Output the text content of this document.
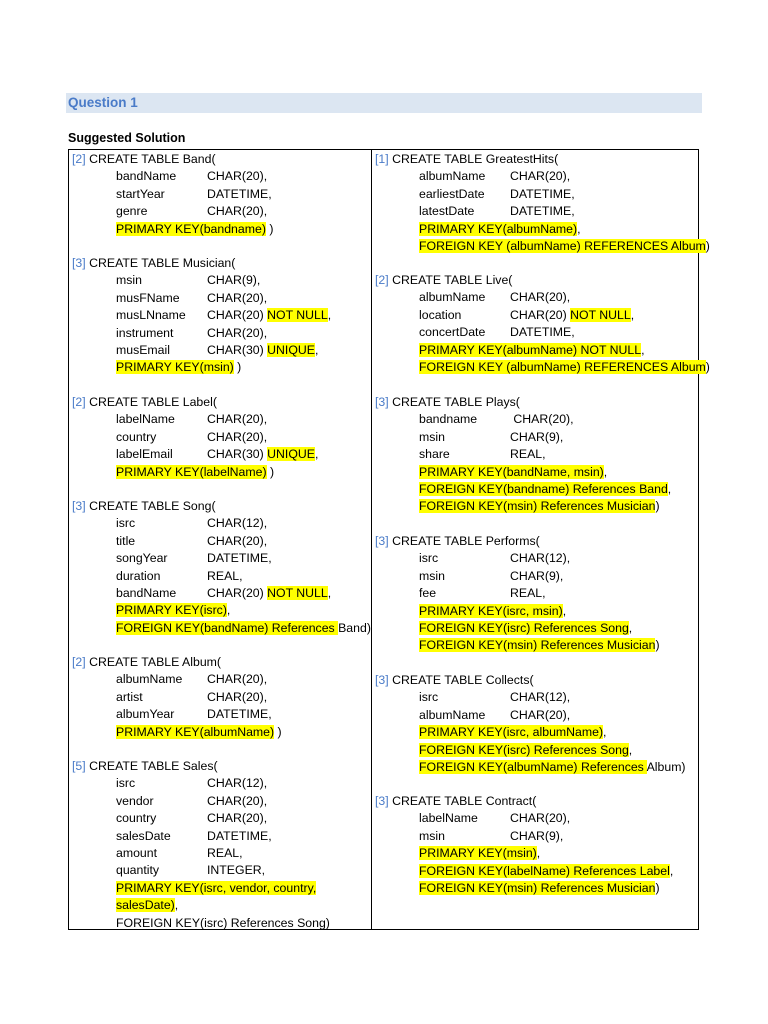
Question 1
Suggested Solution
[2] CREATE TABLE Band(
bandName	CHAR(20),
startYear	DATETIME,
genre	CHAR(20),
PRIMARY KEY(bandname) )
[3] CREATE TABLE Musician(
msin	CHAR(9),
musFName CHAR(20),
musLNname CHAR(20) NOT NULL,
instrument	CHAR(20),
musEmail	CHAR(30) UNIQUE,
PRIMARY KEY(msin) )
[2] CREATE TABLE Label(
labelName	CHAR(20),
country	CHAR(20),
labelEmail	CHAR(30) UNIQUE,
PRIMARY KEY(labelName) )
[3] CREATE TABLE Song(
isrc	CHAR(12),
title	CHAR(20),
songYear	DATETIME,
duration	REAL,
bandName	CHAR(20) NOT NULL,
PRIMARY KEY(isrc),
FOREIGN KEY(bandName) References Band)
[2] CREATE TABLE Album(
albumName CHAR(20),
artist	CHAR(20),
albumYear	DATETIME,
PRIMARY KEY(albumName) )
[5] CREATE TABLE Sales(
isrc	CHAR(12),
vendor	CHAR(20),
country	CHAR(20),
salesDate	DATETIME,
amount	REAL,
quantity	INTEGER,
PRIMARY KEY(isrc, vendor, country,
salesDate),
FOREIGN KEY(isrc) References Song)
[1] CREATE TABLE GreatestHits(
albumName CHAR(20),
earliestDate DATETIME,
latestDate	DATETIME,
PRIMARY KEY(albumName),
FOREIGN KEY (albumName) REFERENCES Album)
[2] CREATE TABLE Live(
albumName CHAR(20),
location	CHAR(20) NOT NULL,
concertDate DATETIME,
PRIMARY KEY(albumName) NOT NULL,
FOREIGN KEY (albumName) REFERENCES Album)
[3] CREATE TABLE Plays(
bandname	CHAR(20),
msin	CHAR(9),
share	REAL,
PRIMARY KEY(bandName, msin),
FOREIGN KEY(bandname) References Band,
FOREIGN KEY(msin) References Musician)
[3] CREATE TABLE Performs(
isrc	CHAR(12),
msin	CHAR(9),
fee	REAL,
PRIMARY KEY(isrc, msin),
FOREIGN KEY(isrc) References Song,
FOREIGN KEY(msin) References Musician)
[3] CREATE TABLE Collects(
isrc	CHAR(12),
albumName CHAR(20),
PRIMARY KEY(isrc, albumName),
FOREIGN KEY(isrc) References Song,
FOREIGN KEY(albumName) References Album)
[3] CREATE TABLE Contract(
labelName	CHAR(20),
msin	CHAR(9),
PRIMARY KEY(msin),
FOREIGN KEY(labelName) References Label,
FOREIGN KEY(msin) References Musician)
